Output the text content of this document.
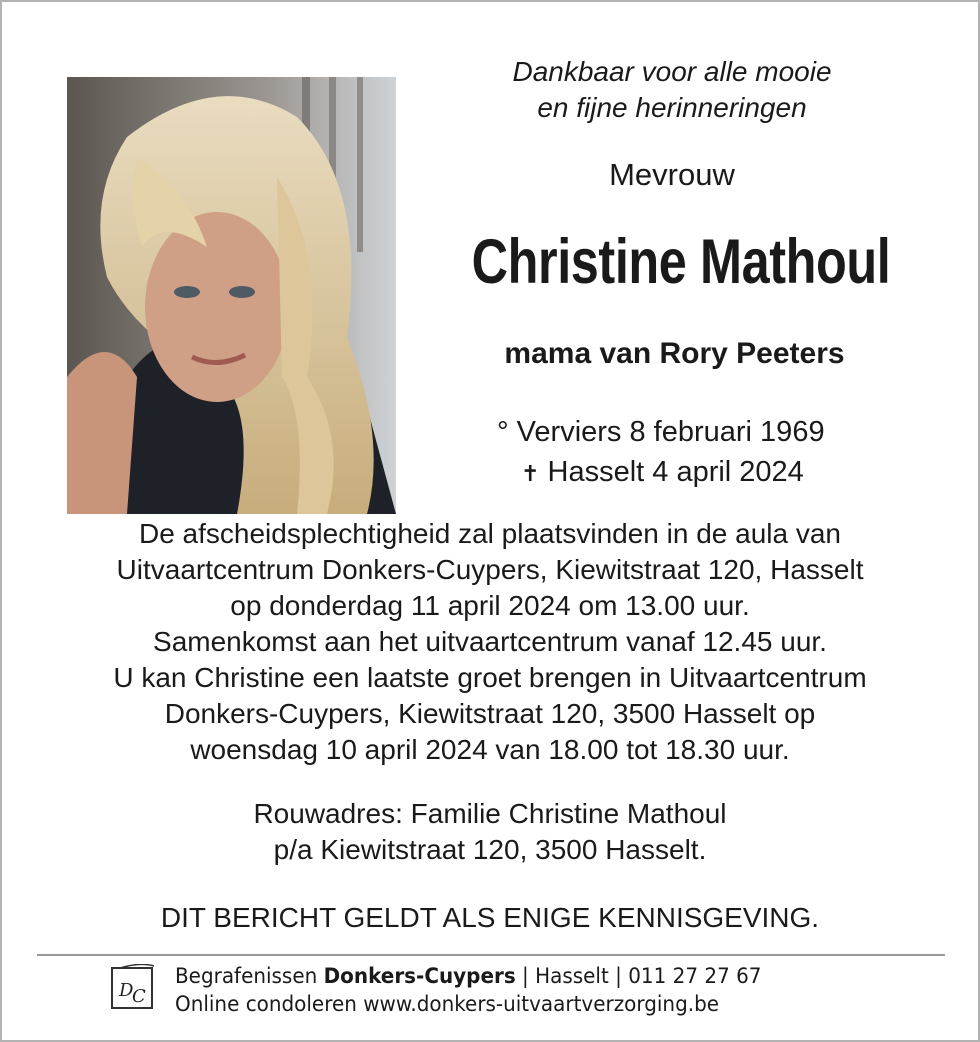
Dankbaar voor alle mooie
en fijne herinneringen
Mevrouw
Christine Mathoul
mama van Rory Peeters
° Verviers 8 februari 1969
✝ Hasselt 4 april 2024
De afscheidsplechtigheid zal plaatsvinden in de aula van
Uitvaartcentrum Donkers-Cuypers, Kiewitstraat 120, Hasselt
op donderdag 11 april 2024 om 13.00 uur.
Samenkomst aan het uitvaartcentrum vanaf 12.45 uur.
U kan Christine een laatste groet brengen in Uitvaartcentrum
Donkers-Cuypers, Kiewitstraat 120, 3500 Hasselt op
woensdag 10 april 2024 van 18.00 tot 18.30 uur.
Rouwadres: Familie Christine Mathoul
p/a Kiewitstraat 120, 3500 Hasselt.
DIT BERICHT GELDT ALS ENIGE KENNISGEVING.
D
C
Begrafenissen Donkers-Cuypers | Hasselt | 011 27 27 67
Online condoleren www.donkers-uitvaartverzorging.be
